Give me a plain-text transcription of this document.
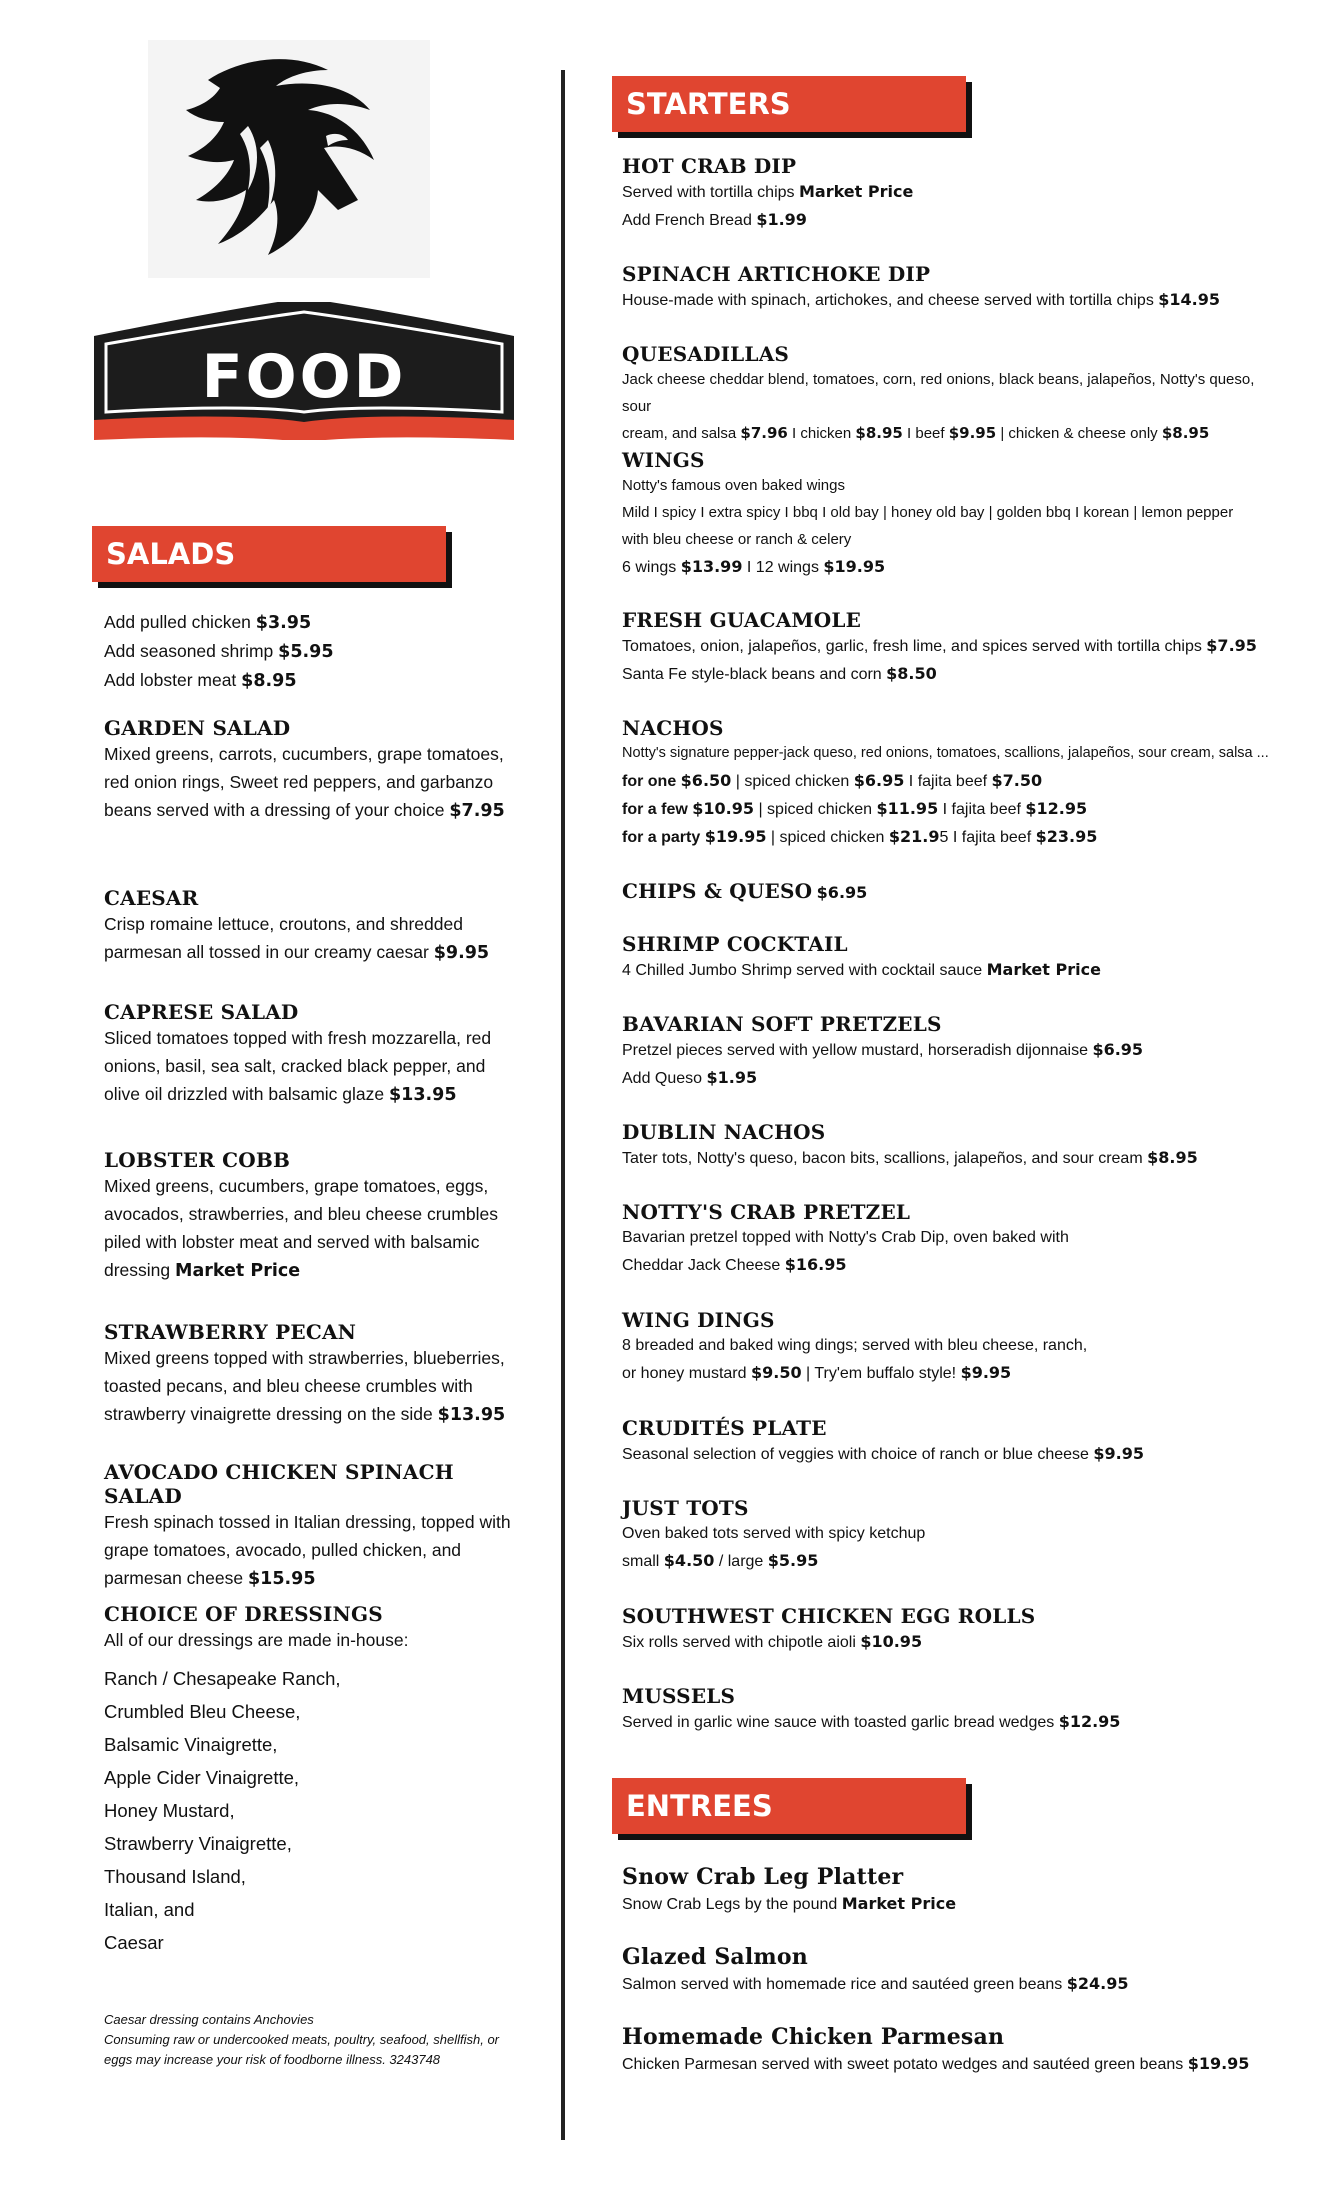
FOOD
SALADS

Add pulled chicken $3.95

Add seasoned shrimp $5.95

Add lobster meat $8.95

GARDEN SALAD

Mixed greens, carrots, cucumbers, grape tomatoes, red onion rings, Sweet red peppers, and garbanzo beans served with a dressing of your choice $7.95

CAESAR

Crisp romaine lettuce, croutons, and shredded parmesan all tossed in our creamy caesar $9.95

CAPRESE SALAD

Sliced tomatoes topped with fresh mozzarella, red onions, basil, sea salt, cracked black pepper, and olive oil drizzled with balsamic glaze $13.95

LOBSTER COBB

Mixed greens, cucumbers, grape tomatoes, eggs, avocados, strawberries, and bleu cheese crumbles piled with lobster meat and served with balsamic dressing Market Price

STRAWBERRY PECAN

Mixed greens topped with strawberries, blueberries, toasted pecans, and bleu cheese crumbles with strawberry vinaigrette dressing on the side $13.95

AVOCADO CHICKEN SPINACH SALAD

Fresh spinach tossed in Italian dressing, topped with grape tomatoes, avocado, pulled chicken, and parmesan cheese $15.95

CHOICE OF DRESSINGS

All of our dressings are made in-house:

Ranch / Chesapeake Ranch,

Crumbled Bleu Cheese,

Balsamic Vinaigrette,

Apple Cider Vinaigrette,

Honey Mustard,

Strawberry Vinaigrette,

Thousand Island,

Italian, and

Caesar

Caesar dressing contains Anchovies

Consuming raw or undercooked meats, poultry, seafood, shellfish, or

eggs may increase your risk of foodborne illness. 3243748

STARTERS

HOT CRAB DIP

Served with tortilla chips Market Price

Add French Bread $1.99

SPINACH ARTICHOKE DIP

House-made with spinach, artichokes, and cheese served with tortilla chips $14.95

QUESADILLAS

Jack cheese cheddar blend, tomatoes, corn, red onions, black beans, jalapeños, Notty's queso, sour

cream, and salsa $7.96 I chicken $8.95 I beef $9.95 | chicken & cheese only $8.95

WINGS

Notty's famous oven baked wings

Mild I spicy I extra spicy I bbq I old bay | honey old bay | golden bbq I korean | lemon pepper

with bleu cheese or ranch & celery

6 wings $13.99 I 12 wings $19.95

FRESH GUACAMOLE

Tomatoes, onion, jalapeños, garlic, fresh lime, and spices served with tortilla chips $7.95

Santa Fe style-black beans and corn $8.50

NACHOS

Notty's signature pepper-jack queso, red onions, tomatoes, scallions, jalapeños, sour cream, salsa ...

for one $6.50 | spiced chicken $6.95 I fajita beef $7.50

for a few $10.95 | spiced chicken $11.95 I fajita beef $12.95

for a party $19.95 | spiced chicken $21.95 I fajita beef $23.95

CHIPS & QUESO $6.95

SHRIMP COCKTAIL

4 Chilled Jumbo Shrimp served with cocktail sauce Market Price

BAVARIAN SOFT PRETZELS

Pretzel pieces served with yellow mustard, horseradish dijonnaise $6.95

Add Queso $1.95

DUBLIN NACHOS

Tater tots, Notty's queso, bacon bits, scallions, jalapeños, and sour cream $8.95

NOTTY'S CRAB PRETZEL

Bavarian pretzel topped with Notty's Crab Dip, oven baked with

Cheddar Jack Cheese $16.95

WING DINGS

8 breaded and baked wing dings; served with bleu cheese, ranch,

or honey mustard $9.50 | Try'em buffalo style! $9.95

CRUDITÉS PLATE

Seasonal selection of veggies with choice of ranch or blue cheese $9.95

JUST TOTS

Oven baked tots served with spicy ketchup

small $4.50 / large $5.95

SOUTHWEST CHICKEN EGG ROLLS

Six rolls served with chipotle aioli $10.95

MUSSELS

Served in garlic wine sauce with toasted garlic bread wedges $12.95

ENTREES

Snow Crab Leg Platter

Snow Crab Legs by the pound Market Price

Glazed Salmon

Salmon served with homemade rice and sautéed green beans $24.95

Homemade Chicken Parmesan

Chicken Parmesan served with sweet potato wedges and sautéed green beans $19.95
